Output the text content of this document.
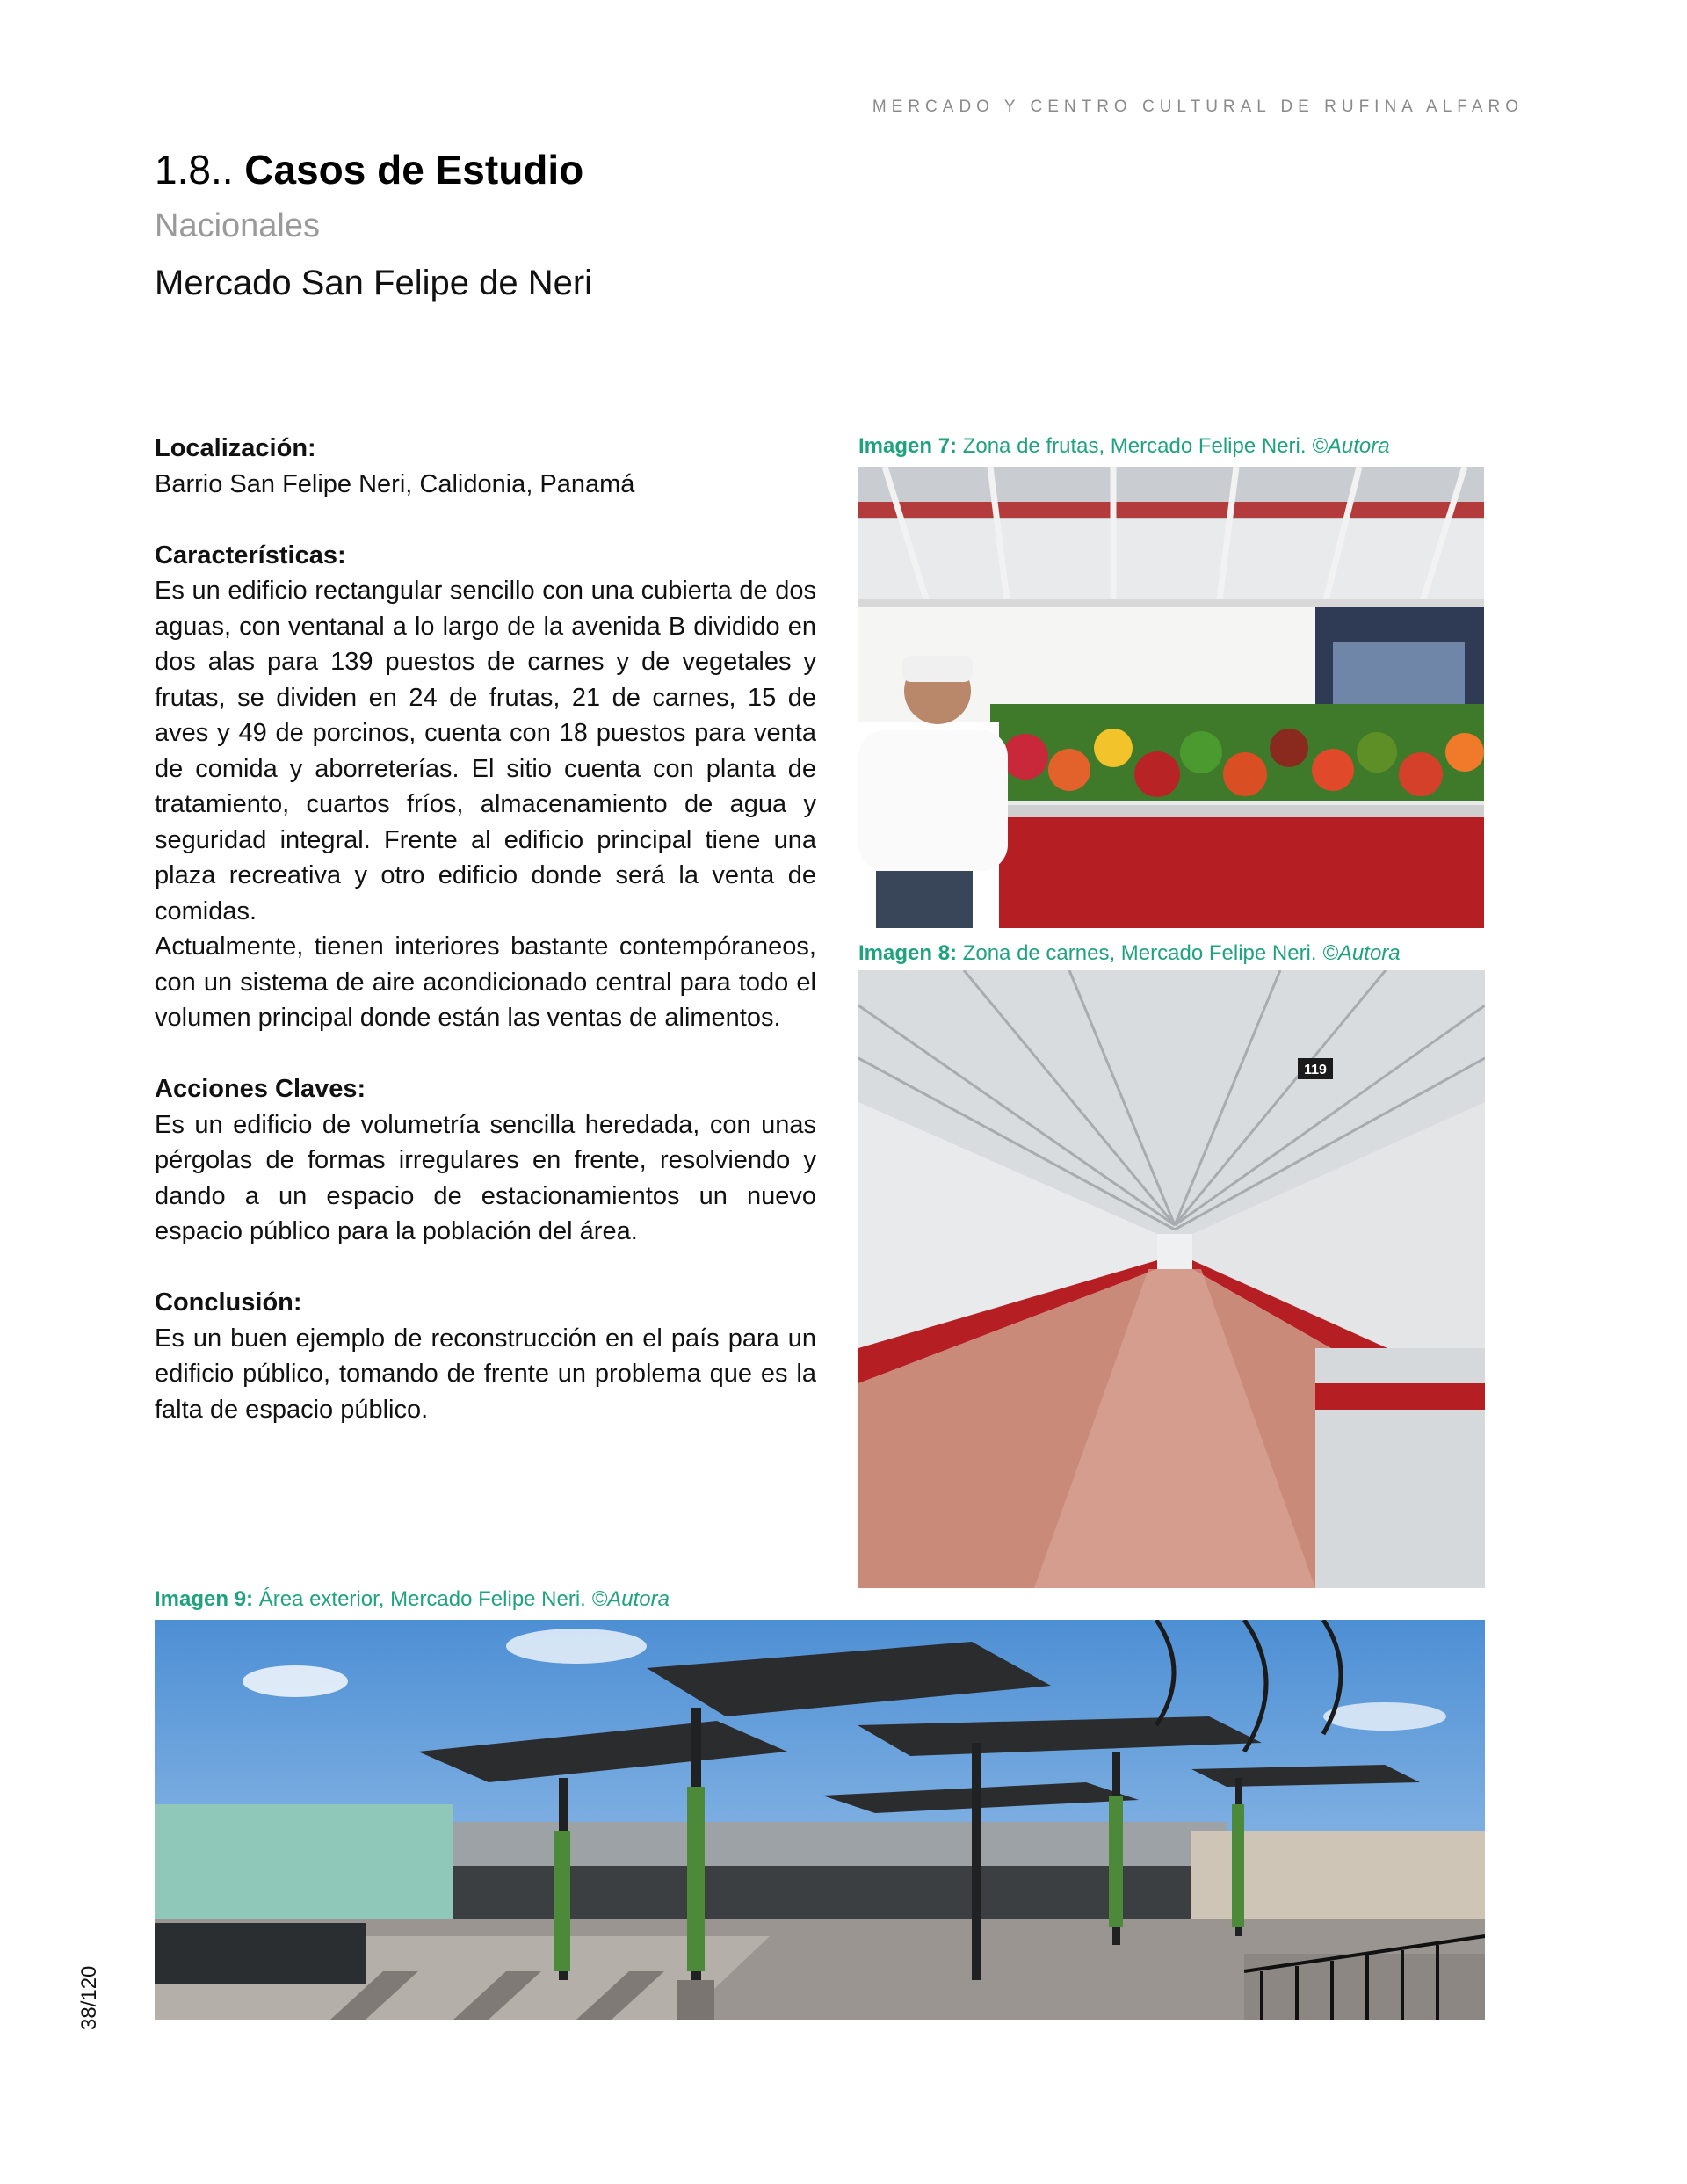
MERCADO Y CENTRO CULTURAL DE RUFINA ALFARO
1.8.. Casos de Estudio
Nacionales
Mercado San Felipe de Neri
Localización:

Barrio San Felipe Neri, Calidonia, Panamá

Características:

Es un edificio rectangular sencillo con una cubierta de dos aguas, con ventanal a lo largo de la avenida B dividido en dos alas para 139 puestos de carnes y de vegetales y frutas, se dividen en 24 de frutas, 21 de carnes, 15 de aves y 49 de porcinos, cuenta con 18 puestos para venta de comida y aborreterías. El sitio cuenta con planta de tratamiento, cuartos fríos, almacenamiento de agua y seguridad integral. Frente al edificio principal tiene una plaza recreativa y otro edificio donde será la venta de comidas.

Actualmente, tienen interiores bastante contempóraneos, con un sistema de aire acondicionado central para todo el volumen principal donde están las ventas de alimentos.

Acciones Claves:

Es un edificio de volumetría sencilla heredada, con unas pérgolas de formas irregulares en frente, resolviendo y dando a un espacio de estacionamientos un nuevo espacio público para la población del área.

Conclusión:

Es un buen ejemplo de reconstrucción en el país para un edificio público, tomando de frente un problema que es la falta de espacio público.

Imagen 7: Zona de frutas, Mercado Felipe Neri. ©Autora
Imagen 8: Zona de carnes, Mercado Felipe Neri. ©Autora
119
Imagen 9: Área exterior, Mercado Felipe Neri. ©Autora
38/120
